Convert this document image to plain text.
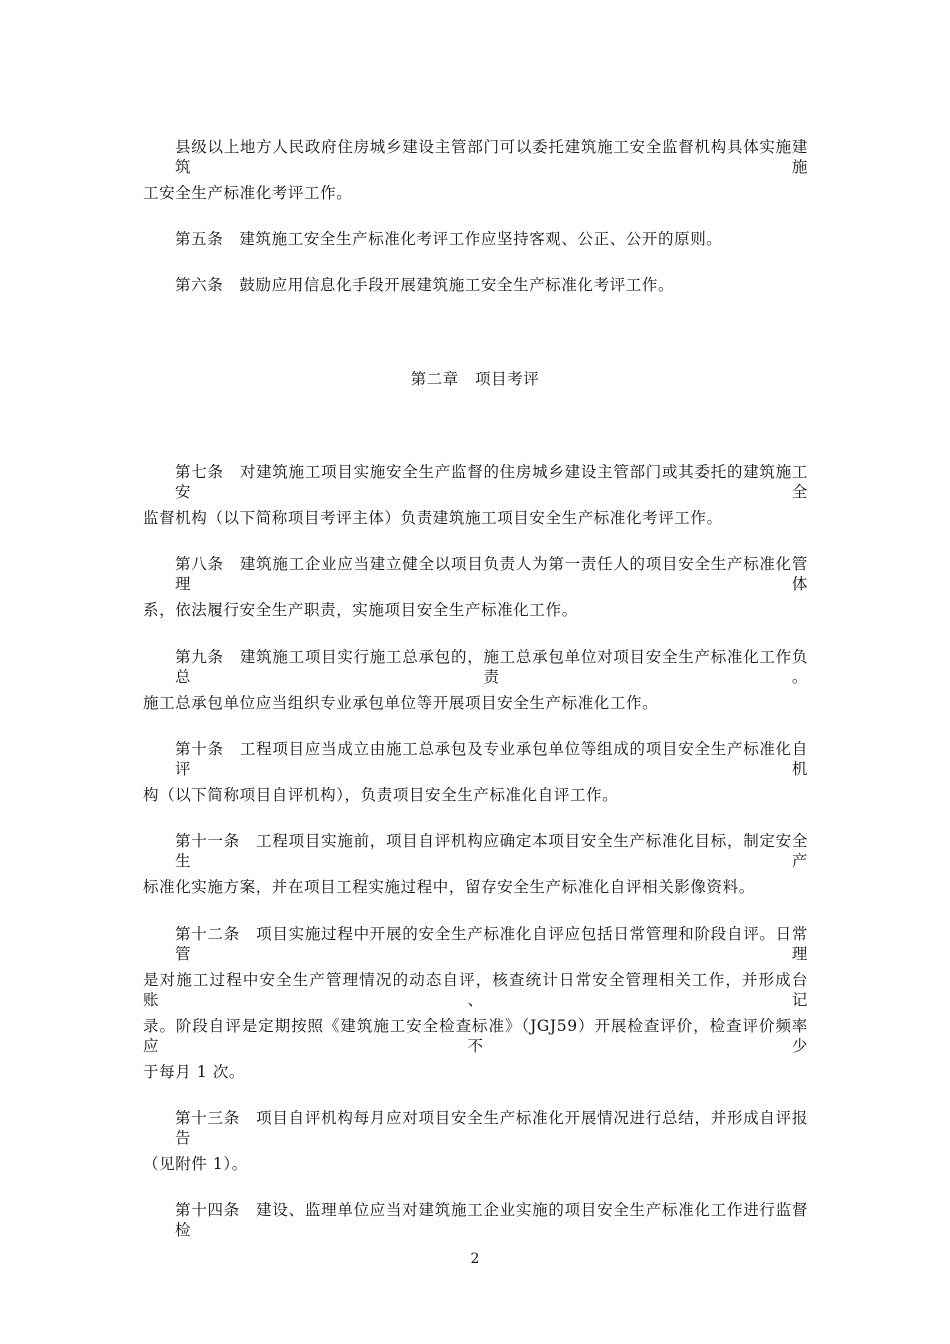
县级以上地方人民政府住房城乡建设主管部门可以委托建筑施工安全监督机构具体实施建筑施
工安全生产标准化考评工作。
第五条　建筑施工安全生产标准化考评工作应坚持客观、公正、公开的原则。
第六条　鼓励应用信息化手段开展建筑施工安全生产标准化考评工作。
第二章　项目考评
第七条　对建筑施工项目实施安全生产监督的住房城乡建设主管部门或其委托的建筑施工安全
监督机构（以下简称项目考评主体）负责建筑施工项目安全生产标准化考评工作。
第八条　建筑施工企业应当建立健全以项目负责人为第一责任人的项目安全生产标准化管理体
系，依法履行安全生产职责，实施项目安全生产标准化工作。
第九条　建筑施工项目实行施工总承包的，施工总承包单位对项目安全生产标准化工作负总责。
施工总承包单位应当组织专业承包单位等开展项目安全生产标准化工作。
第十条　工程项目应当成立由施工总承包及专业承包单位等组成的项目安全生产标准化自评机
构（以下简称项目自评机构），负责项目安全生产标准化自评工作。
第十一条　工程项目实施前，项目自评机构应确定本项目安全生产标准化目标，制定安全生产
标准化实施方案，并在项目工程实施过程中，留存安全生产标准化自评相关影像资料。
第十二条　项目实施过程中开展的安全生产标准化自评应包括日常管理和阶段自评。日常管理
是对施工过程中安全生产管理情况的动态自评，核查统计日常安全管理相关工作，并形成台账、记
录。阶段自评是定期按照《建筑施工安全检查标准》（JGJ59）开展检查评价，检查评价频率应不少
于每月 1 次。
第十三条　项目自评机构每月应对项目安全生产标准化开展情况进行总结，并形成自评报告
（见附件 1）。
第十四条　建设、监理单位应当对建筑施工企业实施的项目安全生产标准化工作进行监督检
2
